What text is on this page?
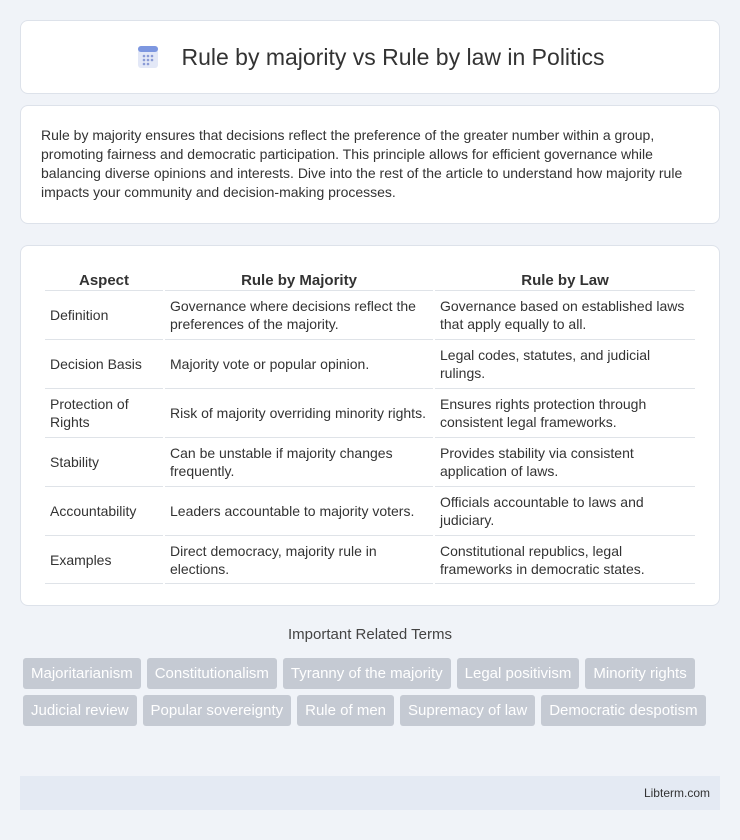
Rule by majority vs Rule by law in Politics

Rule by majority ensures that decisions reflect the preference of the greater number within a group, promoting fairness and democratic participation. This principle allows for efficient governance while balancing diverse opinions and interests. Dive into the rest of the article to understand how majority rule impacts your community and decision-making processes.

Aspect	Rule by Majority	Rule by Law
Definition	Governance where decisions reflect the preferences of the majority.	Governance based on established laws that apply equally to all.
Decision Basis	Majority vote or popular opinion.	Legal codes, statutes, and judicial rulings.
Protection of Rights	Risk of majority overriding minority rights.	Ensures rights protection through consistent legal frameworks.
Stability	Can be unstable if majority changes frequently.	Provides stability via consistent application of laws.
Accountability	Leaders accountable to majority voters.	Officials accountable to laws and judiciary.
Examples	Direct democracy, majority rule in elections.	Constitutional republics, legal frameworks in democratic states.
Important Related Terms
Majoritarianism Constitutionalism Tyranny of the majority Legal positivism Minority rightsJudicial review Popular sovereignty Rule of men Supremacy of law Democratic despotism
Libterm.com
